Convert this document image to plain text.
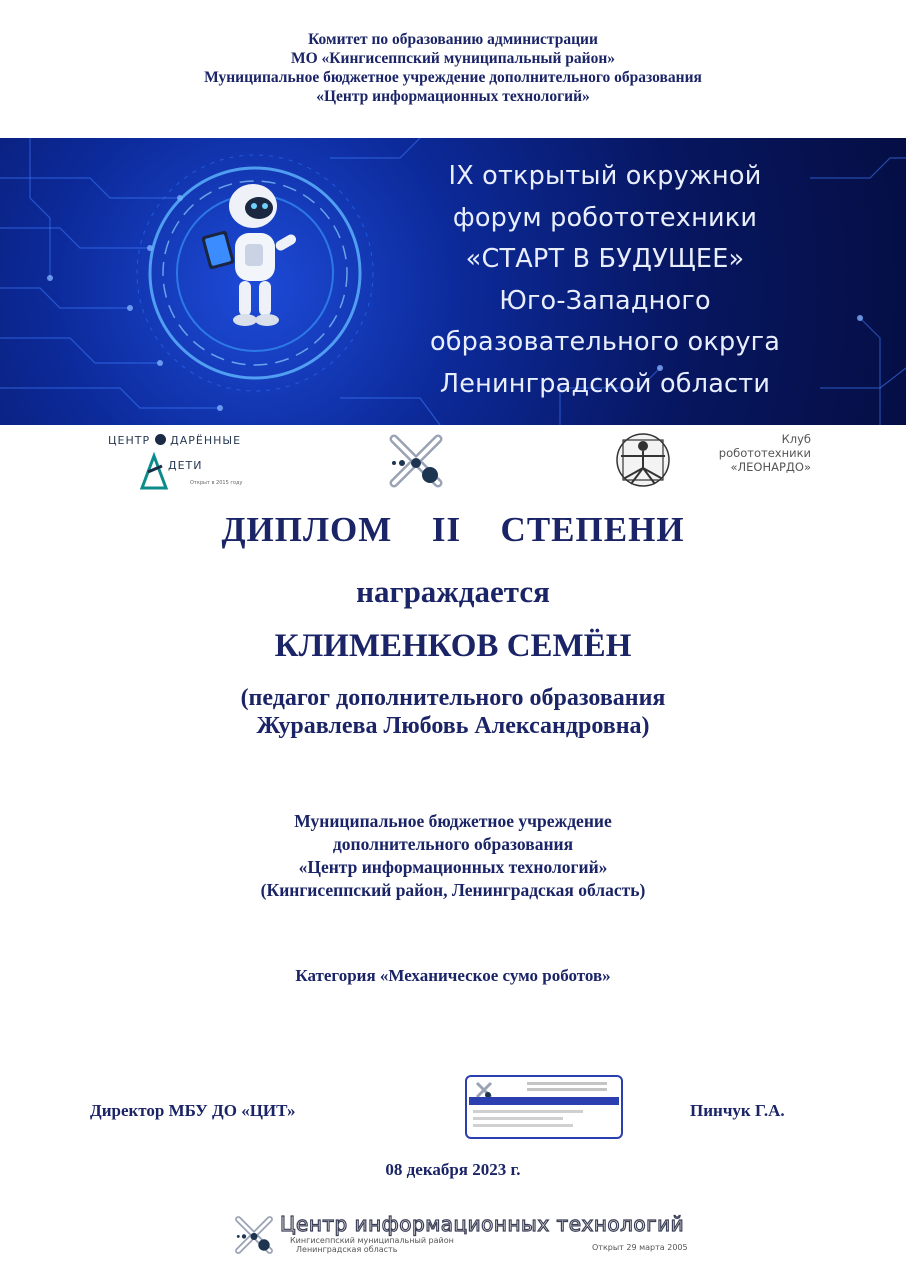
Комитет по образованию администрации
МО «Кингисеппский муниципальный район»
Муниципальное бюджетное учреждение дополнительного образования
«Центр информационных технологий»
IX открытый окружной
форум робототехники
«СТАРТ В БУДУЩЕЕ»
Юго-Западного
образовательного округа
Ленинградской области
ЦЕНТР ДАРЁННЫЕ
ДЕТИ
Открыт в 2015 году
Клуб
робототехники
«ЛЕОНАРДО»
ДИПЛОМ  II  СТЕПЕНИ
награждается
КЛИМЕНКОВ СЕМЁН
(педагог дополнительного образования
Журавлева Любовь Александровна)
Муниципальное бюджетное учреждение
дополнительного образования
«Центр информационных технологий»
(Кингисеппский район, Ленинградская область)
Категория «Механическое сумо роботов»
Директор МБУ ДО «ЦИТ»	Пинчук Г.А.
08 декабря 2023 г.
Центр информационных технологий
Кингисеппский муниципальный район
Ленинградская область	Открыт 29 марта 2005
